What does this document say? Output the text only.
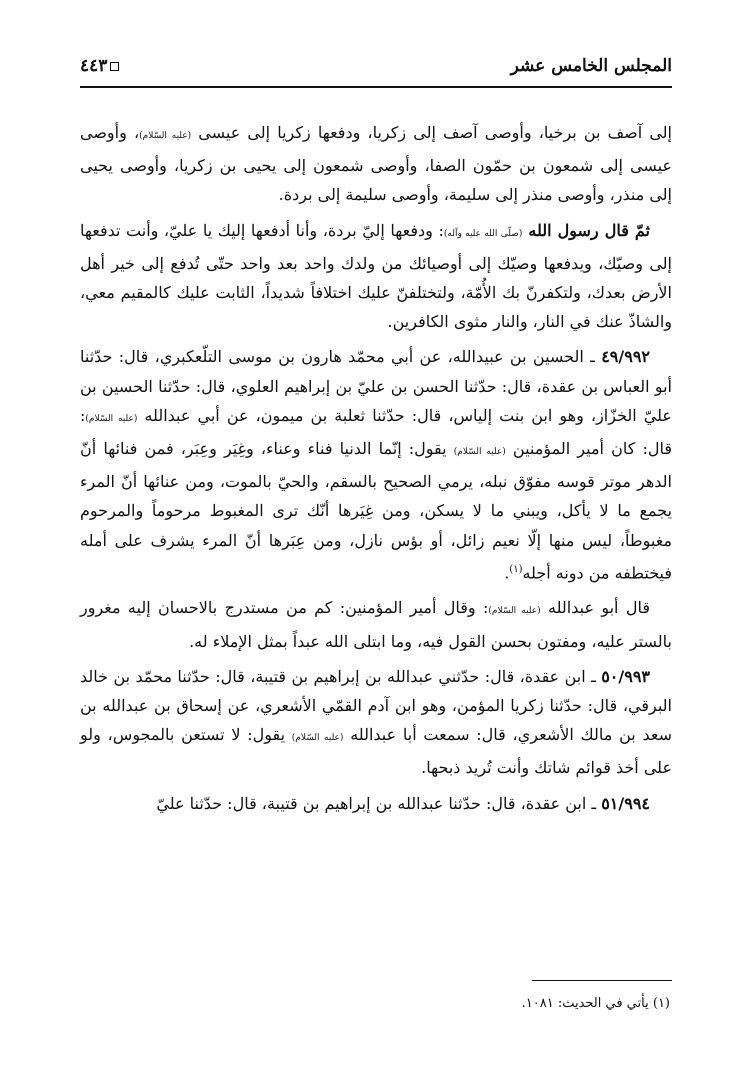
المجلس الخامس عشر
٤٤٣

إلى آصف بن برخيا، وأوصى آصف إلى زكريا، ودفعها زكريا إلى عيسى (عليه السّلام)، وأوصى عيسى إلى شمعون بن حمّون الصفا، وأوصى شمعون إلى يحيى بن زكريا، وأوصى يحيى إلى منذر، وأوصى منذر إلى سليمة، وأوصى سليمة إلى بردة.

ثمّ قال رسول الله (صلّى الله عليه وآله): ودفعها إليّ بردة، وأنا أدفعها إليك يا عليّ، وأنت تدفعها إلى وصيّك، ويدفعها وصيّك إلى أوصيائك من ولدك واحد بعد واحد حتّى تُدفع إلى خير أهل الأرض بعدك، ولتكفرنّ بك الأُمّة، ولتختلفنّ عليك اختلافاً شديداً، الثابت عليك كالمقيم معي، والشاذّ عنك في النار، والنار مثوى الكافرين.

٤٩/٩٩٢ ـ الحسين بن عبيدالله، عن أبي محمّد هارون بن موسى التلّعكبري، قال: حدّثنا أبو العباس بن عقدة، قال: حدّثنا الحسن بن عليّ بن إبراهيم العلوي، قال: حدّثنا الحسين بن عليّ الخزّاز، وهو ابن بنت إلياس، قال: حدّثنا ثعلبة بن ميمون، عن أبي عبدالله (عليه السّلام): قال: كان أمير المؤمنين (عليه السّلام) يقول: إنّما الدنيا فناء وعناء، وغِيَر وعِبَر، فمن فنائها أنّ الدهر موتر قوسه مفوّق نبله، يرمي الصحيح بالسقم، والحيّ بالموت، ومن عنائها أنّ المرء يجمع ما لا يأكل، ويبني ما لا يسكن، ومن غِيَرها أنّك ترى المغبوط مرحوماً والمرحوم مغبوطاً، ليس منها إلّا نعيم زائل، أو بؤس نازل، ومن عِبَرها أنّ المرء يشرف على أمله فيختطفه من دونه أجله$^{(١)}$.

قال أبو عبدالله (عليه السّلام): وقال أمير المؤمنين: كم من مستدرج بالاحسان إليه مغرور بالستر عليه، ومفتون بحسن القول فيه، وما ابتلى الله عبداً بمثل الإملاء له.

٥٠/٩٩٣ ـ ابن عقدة، قال: حدّثني عبدالله بن إبراهيم بن قتيبة، قال: حدّثنا محمّد بن خالد البرقي، قال: حدّثنا زكريا المؤمن، وهو ابن آدم القمّي الأشعري، عن إسحاق بن عبدالله بن سعد بن مالك الأشعري، قال: سمعت أبا عبدالله (عليه السّلام) يقول: لا تستعن بالمجوس، ولو على أخذ قوائم شاتك وأنت تُريد ذبحها.

٥١/٩٩٤ ـ ابن عقدة، قال: حدّثنا عبدالله بن إبراهيم بن قتيبة، قال: حدّثنا عليّ

(١) يأتي في الحديث: ١٠٨١.
